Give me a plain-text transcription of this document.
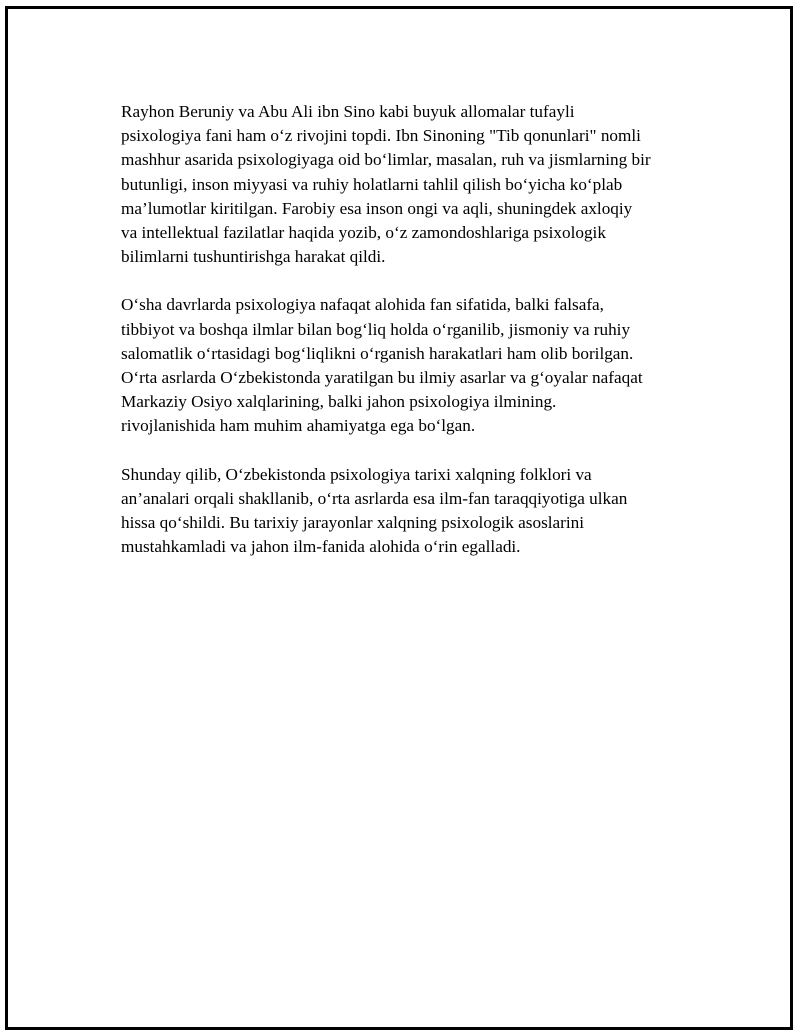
Rayhon Beruniy va Abu Ali ibn Sino kabi buyuk allomalar tufayli
psixologiya fani ham o‘z rivojini topdi. Ibn Sinoning "Tib qonunlari" nomli
mashhur asarida psixologiyaga oid bo‘limlar, masalan, ruh va jismlarning bir
butunligi, inson miyyasi va ruhiy holatlarni tahlil qilish bo‘yicha ko‘plab
ma’lumotlar kiritilgan. Farobiy esa inson ongi va aqli, shuningdek axloqiy
va intellektual fazilatlar haqida yozib, o‘z zamondoshlariga psixologik
bilimlarni tushuntirishga harakat qildi.

O‘sha davrlarda psixologiya nafaqat alohida fan sifatida, balki falsafa,
tibbiyot va boshqa ilmlar bilan bog‘liq holda o‘rganilib, jismoniy va ruhiy
salomatlik o‘rtasidagi bog‘liqlikni o‘rganish harakatlari ham olib borilgan.
O‘rta asrlarda O‘zbekistonda yaratilgan bu ilmiy asarlar va g‘oyalar nafaqat
Markaziy Osiyo xalqlarining, balki jahon psixologiya ilmining.
rivojlanishida ham muhim ahamiyatga ega bo‘lgan.

Shunday qilib, O‘zbekistonda psixologiya tarixi xalqning folklori va
an’analari orqali shakllanib, o‘rta asrlarda esa ilm-fan taraqqiyotiga ulkan
hissa qo‘shildi. Bu tarixiy jarayonlar xalqning psixologik asoslarini
mustahkamladi va jahon ilm-fanida alohida o‘rin egalladi.
